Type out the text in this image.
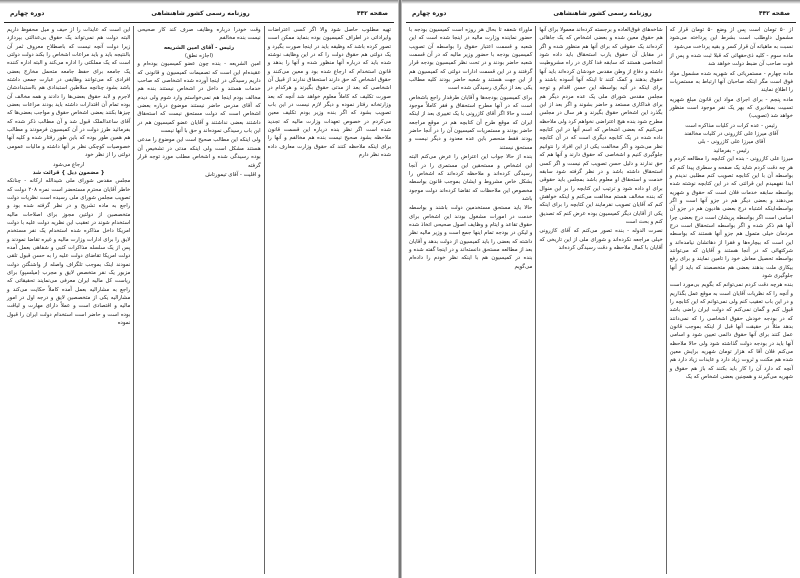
صفحه ۴۴۲
روزنامه رسمی کشور شاهنشاهی
دوره چهارم

تهیه مطلوب حاصل شود والا اگر کسی اعتراضات وایراداتی در اطراف کمیسیون بوده بنماید ممکن است تصور کرده باشد که وظیفه باید در اینجا صورت بگیرد و یک دولتی هم حقوق دولت را که در این وظایف نوشته شده باید که درباره آنها منظور شده و آنها را بدهد و قانون استخدام که ارجاع شده بود و معین می‌کنند و حقوق اشخاص که حق دارند استحقاق ندارند از قبیل آن اشخاصی که بعد از مدتی حقوق بگیرند و هرکدام در صورت تکلیف که کاملاً معلوم خواهد شد آنچه که بعد وزارتخانه رفتار نموده و دیگر لازم نیست در این باب تصویب بشود که اگر بنده وزیر بودم تکلیف معین می‌کردم در خصوص تعهدات وزارت مالیه که تجدید شده است اگر نظر بنده درباره این قسمت قانون ملاحظه بشود صحیح نیست بنده هم مخالفم و آنها را برای اینکه ملاحظه کنند که حقوق وزارت معارف داده شده نظر دارم

وقت خودرا درباره وظایف صرف کند کار صحیحی نیست بنده مخالفم

رئیس - آقای امین الشریعه
(اجازه نطق)

امین الشریعه - بنده چون عضو کمیسیون بوده‌ام و عقیده‌ام این است که تصمیمات کمیسیون و قانونی که داریم رسیدگی در اینجا آورده شده اشخاصی که صاحب خدمات هستند و داخل در اشخاص نیستند بنده هم مخالف بودم اینجا هم نمی‌خواستم وارد شوم ولی دیدم که آقای مدرس حاضر نیستند موضوع درباره بعضی اشخاص است که دولت مستحق نیست که استحقاق داشتند بعضی نداشتند و آقایان عضو کمیسیون هم در این باب رسیدگی نموده‌اند و حق با آنها نیست

ولی اینکه این مطالب صحیح است این موضوع را مدعی هستند مشکل است ولی اینکه مدتی در تشخیص آن بوده رسیدگی شده و اشخاص مطلب مورد توجه قرار گرفته

و اقلیت - آقای تیمورتاش

این است که عایدات را از حیف و میل محفوظ داریم البته دولت هم نمی‌تواند یک حقوق بی‌عدالتی بپردازد زیرا دولت آنچه نیست که باصطلاح معروف ثمر آن بالنتیجه باید و باید مراعات اشخاص را بکند دولت دولتی است که یک مملکتی را اداره می‌کند و البته اداره کننده یک جامعه برای حفظ جامعه متحمل مخارج بعضی افرادی که می‌توانند وظایفی در عبارت جمعی داشته باشد بشود چنانچه سلاطین استبدادی هم بااستبدادشان لاجرم و لابد حقوق بعضی‌ها را دادند و همه مخالف آن بوده تمام آن اقتدارات داشته باید بودند مراعات بعضی چیزها بکنند بعضی اشخاص حقوق و مواجب بعضی‌ها که آقای ساعدالملک قبول شد و آن مطالب ذکر شده که بفرمائید طرز دولت در آن کمیسیون فرمودند و مطالب هم همین طور بوده که باین طور رفتار شده و کلیه آنها خصوصیات کوچکی نظر بر آنها داشته و مالیات عمومی دولتی را از نظر خود

ارجاع می‌شود
{ مضمون ذیل } قرائت شد

مجلس مقدس شورای ملی شیدالله ارکانه - چنانکه خاطر آقایان محترم مستحضر است نمره ۲۰۸ دولت که تصویب مجلس شورای ملی رسیده است نظریات دولت راجع به ماده تشریح و در نظر گرفته شده بود و متخصصین از دولتین مجوز برای اصلاحات مالیه استخدام شوند در تعقیب این نظریه دولت علیه با دولت امریکا داخل مذاکره شده استخدام یک نفر مستخدم لایق را برای ادارات وزارت مالیه و غیره تقاضا نمودند و پس از یک سلسله مذاکرات کتبی و شفاهی بعمل آمده دولت امریکا تقاضای دولت علیه را به حسن قبول تلقی نمودند اینک بموجب تلگراف واصله از واشنگتن دولت مزبور یک نفر متخصص لایق و مجرب (میلسپو) برای ریاست کل مالیه ایران معرفی می‌نمایند تحقیقاتی که راجع به مشارالیه بعمل آمده کاملاً حکایت می‌کند و مشارالیه یکی از متخصصین لایق و درجه اول در امور مالیه و اقتصادی است و عملاً دارای مهارت و لیاقت بوده است و حاضر است استخدام دولت ایران را قبول نموده

صفحه ۴۴۲
روزنامه رسمی کشور شاهنشاهی
دوره چهارم

از ۵۰ تومان است پس از وضع ۵۰ تومان قرار که مشمول داوطلب است بشرط این پرداخته می‌شود نسبت به ماهیانه آن قرار کسر و بقیه پرداخت می‌شود

ماده سوم - کلیه ذی‌حقهائی که قبلا ثبت شده و پس از فوت صاحب آن ضبط دولت خواهد شد

ماده چهارم - مستمریاتی که شهریه شده مشمول مواد فوق است مگر اینکه صاحبان آنها ارتباط به مستمریات را اطلاع نمایند

ماده پنجم - برای اجرای مواد این قانون مبلغ شهریه تسبیت بمقادیری که بهر یک نفر موجود است منظور خواهد شد (تصویب)

رئیس - عده کرات در کلیات مذاکره است
آقای میرزا علی کازرونی در کلیات مخالفند
آقای میرزا علی کازرونی - بلی
رئیس - بفرمائید

میرزا علی کازرونی - بنده این کتابچه را مطالعه کردم و هر چه دقت کردم شاید یک صفحه و سطری پیدا کنم که بواسطه آن با این کتابچه تصویب کنم مطلبی ندیدم و ابدا نفهمیدم این قرائتی که در این کتابچه نوشته شده بواسطه سابقه خدمات فلان است که حقوق و شهریه می‌دهند و بعضی دیگر هم در جزو آنها است و اگر بواسطه‌اینکه اشتباه درج بعضی هادیون هم در جزو آن اسامی است اگر بواسطه پریشان است درج بعضی چرا آنها هم ذکر شده و اگر بواسطه استحقاق است درج مردمان خیلی متمول هم جزو آنها هستند که بواسطه این است که بیچاره‌ها و فقرا از دهاتشان نیامده‌اند و شرکتهائی که در آنجا هستند و آقایان که می‌توانند بواسطه تحصیل معاش خود را تامین نمایند و برای رفع بیکاری ملت بدهند بعضی هم متخصصند که باید از آنها جلوگیری شود

بنده هرچه دقت کردم نمی‌توانم که بگویم بی‌مورد است و آنچه را که نظریات آقایان است به موقع عمل بگذاریم و در این باب تعقیب کنم ولی نمی‌توانم که این کتابچه را قبول کنم و گمان نمی‌کنم که دولت ایران راضی باشد که در بودجه خودش حقوق اشخاصی را که نمی‌دانند بدهد مثلاً در حقیقت آنها قبل از اینکه بموجب قانون عمل کنند برای آنها حقوق دائمی تعیین شود و اسامی آنها باید در بودجه دولت گذاشته شود ولی حالا ملاحظه می‌کنم فلان آقا که هزار تومان شهریه برایش معین شده هم مکنت و ثروت زیاد دارد و عایدات زیاد دارد هم آنچه که دارد آن را کار باید بکنند که باز هم حقوق و شهریه می‌گیرند و همچنین بعضی اشخاص که یک

شاخه‌های فوق‌العاده و برجسته کرده‌اند معمولا برای آنها هم حقوق معین شده و بعضی اشخاص که یک جاهائی کرده‌اند یک حقوقی که برای آنها هم منظور شده و اگر در مقابل آن حقوق یارب استحقاق باید داده شود اشخاصی هستند که سابقه فدا کاری در راه مشروطیت داشته و دفاع از وطن مقدس خودشان کرده‌اند باید آنها حقوق بدهند و کمک کنند تا اینکه آنها آسوده باشند و برای اینکه در آتیه بواسطه این حسن اقدام و توجه مجلس مقدس شورای ملی یک عده مردم دیگر هم برای فداکاری مستعد و حاضر بشوند و اگر بعد از این بگذرد این اشخاص حقوق بگیرند و هر سال در مجلس مطرح شود بنده هیچ اعتراضی نخواهم کرد ولی ملاحظه می‌کنیم که بعضی اشخاص که اسم آنها در این کتابچه داده شده در یک کتابچه دیگری است که در آن کتابچه نظر می‌شود و اگر مخالفت یکی از این افراد را نتوانیم جلوگیری کنیم و اشخاصی که حقوق دارند و آنها هم که حق ندارند و دلیل حسن تصویب کم نیست و اگر کسی استحقاق داشته باشد و در نظر گرفته شود سابقه خدمت و استحقاق او معلوم باشد بمجلس باید حقوقی برای او داده شود و ترتیب این کتابچه را بر این منوال که بنده مخالف هستم مخالفت می‌کنم و اینکه خواهش کنم که آقایان تصویب نفرمایند این کتابچه را برای اینکه یکی از آقایان دیگر کمیسیون بوده عرض کنم که تصدیق کنم و بحث است

نصرت الدوله - بنده تصور می‌کنم که آقای کازرونی خیلی مراجعه نکرده‌اند و شورای ملی از این تاریخی که آقایان با کمال ملاحظه و دقت رسیدگی کرده‌اند

ماوراء شعفه تا بحال هر روزه است کمیسیون بودجه با حضور نماینده وزارت مالیه در اینجا شده است که این شعبه و قسمت اعتبار حقوق را بواسطه آن تصویب کمیسیون بودجه با حضور وزیر مالیه که در آن قسمت شعبه حاضر بودند و در تحت نظر کمیسیون بودجه قرار گرفتند و در این قسمت ادارات دولتی که کمیسیون هم از این جهت هستند و شعبه حاضر بودند کلیه مطالب یکی بعد از دیگری رسیدگی شده است

برای کمیسیون بودجه‌ها و آقایان طرفدار راجع باشخاص است که در آنها مطرح استحقاق و فقر کاملاً موجود است و حالا اگر آقای کازرونی با یک تغییری بعد از اینکه ایران که موقع طرح آن کتابچه هم در موقع مراجعه حاضر بودند و مستمریات کمیسیون آن را در آنجا حاضر بودند فقط منحصر باین عده معدود و دیگر نیست و مستحق نیستند

بنده از حالا جواب این اعتراض را عرض می‌کنم البته این اشخاص و مستحقین این مستمری را در آنجا رسیدگی کرده‌اند و ملاحظه کرده‌اند که اشخاص را بشکل خاص مشروط و ایشان بموجب قانون بواسطه مخصوص این ملاحظات که تقاضا کرده‌اند دولت موجود باشد

حالا باید مستحق مستخدمین دولت باشند و بواسطه خدمت در امورات مشغول بودند این اشخاص برای حقوق تقاعد و ایتام و وظایف اصول صحیحی اتخاذ شده و لیکن در بودجه تمام اینها جمع است و وزیر مالیه نظر داشته که بعضی را باید کمیسیون از دولت بدهد و آقایان بعد از مطالعه مستحق دانسته‌اند و در اینجا گفته شده و بنده در کمیسیون هم با اینکه نظر خودم را داده‌ام می‌گویم
